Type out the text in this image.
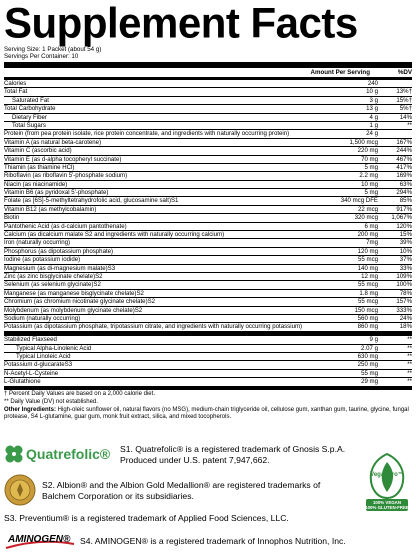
Supplement Facts
Serving Size: 1 Packet (about 54 g)
Servings Per Container: 10
Amount Per Serving	%DV
Calories	240
Total Fat	10 g	13%†
Saturated Fat	3 g	15%†
Total Carbohydrate	13 g	5%†
Dietary Fiber	4 g	14%
Total Sugars	1 g	**
Protein (from pea protein isolate, rice protein concentrate, and ingredients with naturally occurring protein)	24 g
Vitamin A (as natural beta-carotene)	1,500 mcg	167%
Vitamin C (ascorbic acid)	220 mg	244%
Vitamin E (as d-alpha tocopheryl succinate)	70 mg	467%
Thiamin (as thiamine HCl)	5 mg	417%
Riboflavin (as riboflavin 5'-phosphate sodium)	2.2 mg	169%
Niacin (as niacinamide)	10 mg	63%
Vitamin B6 (as pyridoxal 5'-phosphate)	5 mg	294%
Folate (as [6S]-5-methyltetrahydrofolic acid, glucosamine salt)S1	340 mcg DFE	85%
Vitamin B12 (as methylcobalamin)	22 mcg	917%
Biotin	320 mcg	1,067%
Pantothenic Acid (as d-calcium pantothenate)	6 mg	120%
Calcium (as dicalcium malate S2 and ingredients with naturally occurring calcium)	200 mg	15%
Iron (naturally occurring)	7mg	39%
Phosphorus (as dipotassium phosphate)	120 mg	10%
Iodine (as potassium iodide)	55 mcg	37%
Magnesium (as di-magnesium malate)S3	140 mg	33%
Zinc (as zinc bisglycinate chelate)S2	12 mg	109%
Selenium (as selenium glycinate)S2	55 mcg	100%
Manganese (as manganese bisglycinate chelate)S2	1.8 mg	78%
Chromium (as chromium nicotinate glycinate chelate)S2	55 mcg	157%
Molybdenum (as molybdenum glycinate chelate)S2	150 mcg	333%
Sodium (naturally occurring)	560 mg	24%
Potassium (as dipotassium phosphate, tripotassium citrate, and ingredients with naturally occurring potassium)	860 mg	18%
Stabilized Flaxseed	9 g	**
Typical Alpha-Linolenic Acid	2.07 g	**
Typical Linoleic Acid	630 mg	**
Potassium d-glucarateS3	250 mg	**
N-Acetyl-L-Cysteine	55 mg	**
L-Glutathione	29 mg	**
† Percent Daily Values are based on a 2,000 calorie diet.
** Daily Value (DV) not established.
Other Ingredients: High-oleic sunflower oil, natural flavors (no MSG), medium-chain triglyceride oil, cellulose gum, xanthan gum, taurine, glycine, fungal protease, S4 L-glutamine, guar gum, monk fruit extract, silica, and mixed tocopherols.
Quatrefolic®
VeganPro™
100% VEGAN
100% GLUTEN-FREE
AMINOGEN®
S1. Quatrefolic® is a registered trademark of Gnosis S.p.A. Produced under U.S. patent 7,947,662.
S2. Albion® and the Albion Gold Medallion® are registered trademarks of Balchem Corporation or its subsidiaries.
S3. Preventium® is a registered trademark of Applied Food Sciences, LLC.
S4. AMINOGEN® is a registered trademark of Innophos Nutrition, Inc.
